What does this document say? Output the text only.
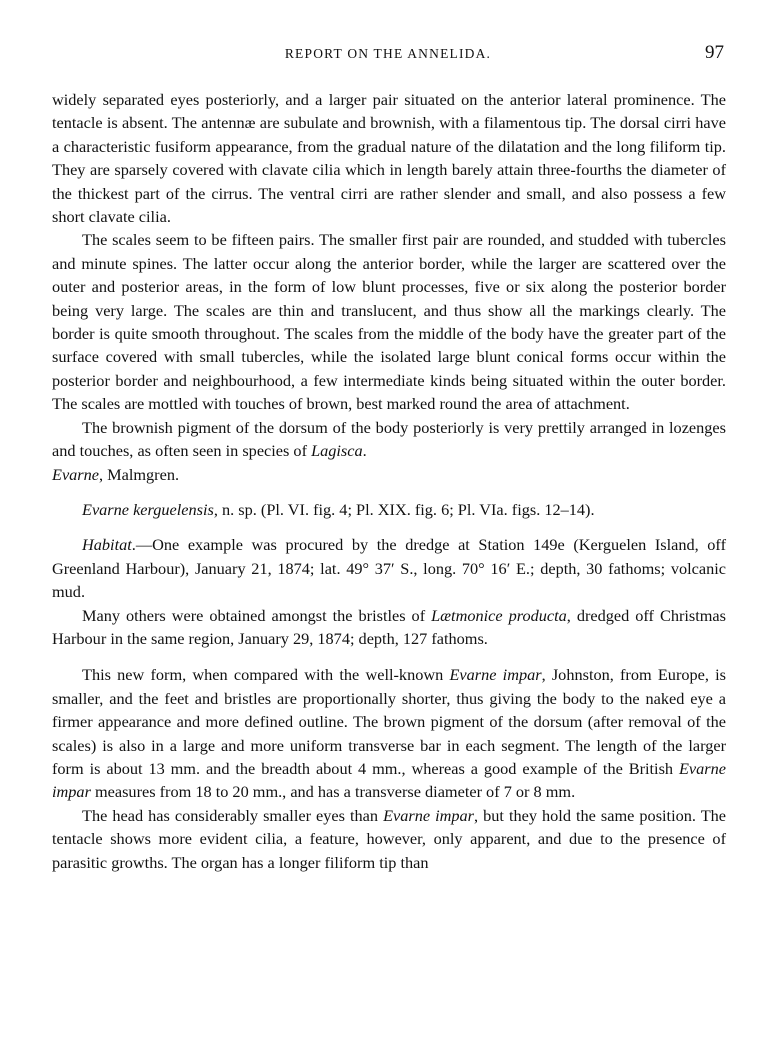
REPORT ON THE ANNELIDA.	97

widely separated eyes posteriorly, and a larger pair situated on the anterior lateral prominence. The tentacle is absent. The antennæ are subulate and brownish, with a filamentous tip. The dorsal cirri have a characteristic fusiform appearance, from the gradual nature of the dilatation and the long filiform tip. They are sparsely covered with clavate cilia which in length barely attain three-fourths the diameter of the thickest part of the cirrus. The ventral cirri are rather slender and small, and also possess a few short clavate cilia.

The scales seem to be fifteen pairs. The smaller first pair are rounded, and studded with tubercles and minute spines. The latter occur along the anterior border, while the larger are scattered over the outer and posterior areas, in the form of low blunt processes, five or six along the posterior border being very large. The scales are thin and translucent, and thus show all the markings clearly. The border is quite smooth throughout. The scales from the middle of the body have the greater part of the surface covered with small tubercles, while the isolated large blunt conical forms occur within the posterior border and neighbourhood, a few intermediate kinds being situated within the outer border. The scales are mottled with touches of brown, best marked round the area of attachment.

The brownish pigment of the dorsum of the body posteriorly is very prettily arranged in lozenges and touches, as often seen in species of Lagisca.

Evarne, Malmgren.

Evarne kerguelensis, n. sp. (Pl. VI. fig. 4; Pl. XIX. fig. 6; Pl. VIa. figs. 12–14).

Habitat.—One example was procured by the dredge at Station 149e (Kerguelen Island, off Greenland Harbour), January 21, 1874; lat. 49° 37′ S., long. 70° 16′ E.; depth, 30 fathoms; volcanic mud.

Many others were obtained amongst the bristles of Lætmonice producta, dredged off Christmas Harbour in the same region, January 29, 1874; depth, 127 fathoms.

This new form, when compared with the well-known Evarne impar, Johnston, from Europe, is smaller, and the feet and bristles are proportionally shorter, thus giving the body to the naked eye a firmer appearance and more defined outline. The brown pigment of the dorsum (after removal of the scales) is also in a large and more uniform transverse bar in each segment. The length of the larger form is about 13 mm. and the breadth about 4 mm., whereas a good example of the British Evarne impar measures from 18 to 20 mm., and has a transverse diameter of 7 or 8 mm.

The head has considerably smaller eyes than Evarne impar, but they hold the same position. The tentacle shows more evident cilia, a feature, however, only apparent, and due to the presence of parasitic growths. The organ has a longer filiform tip than
